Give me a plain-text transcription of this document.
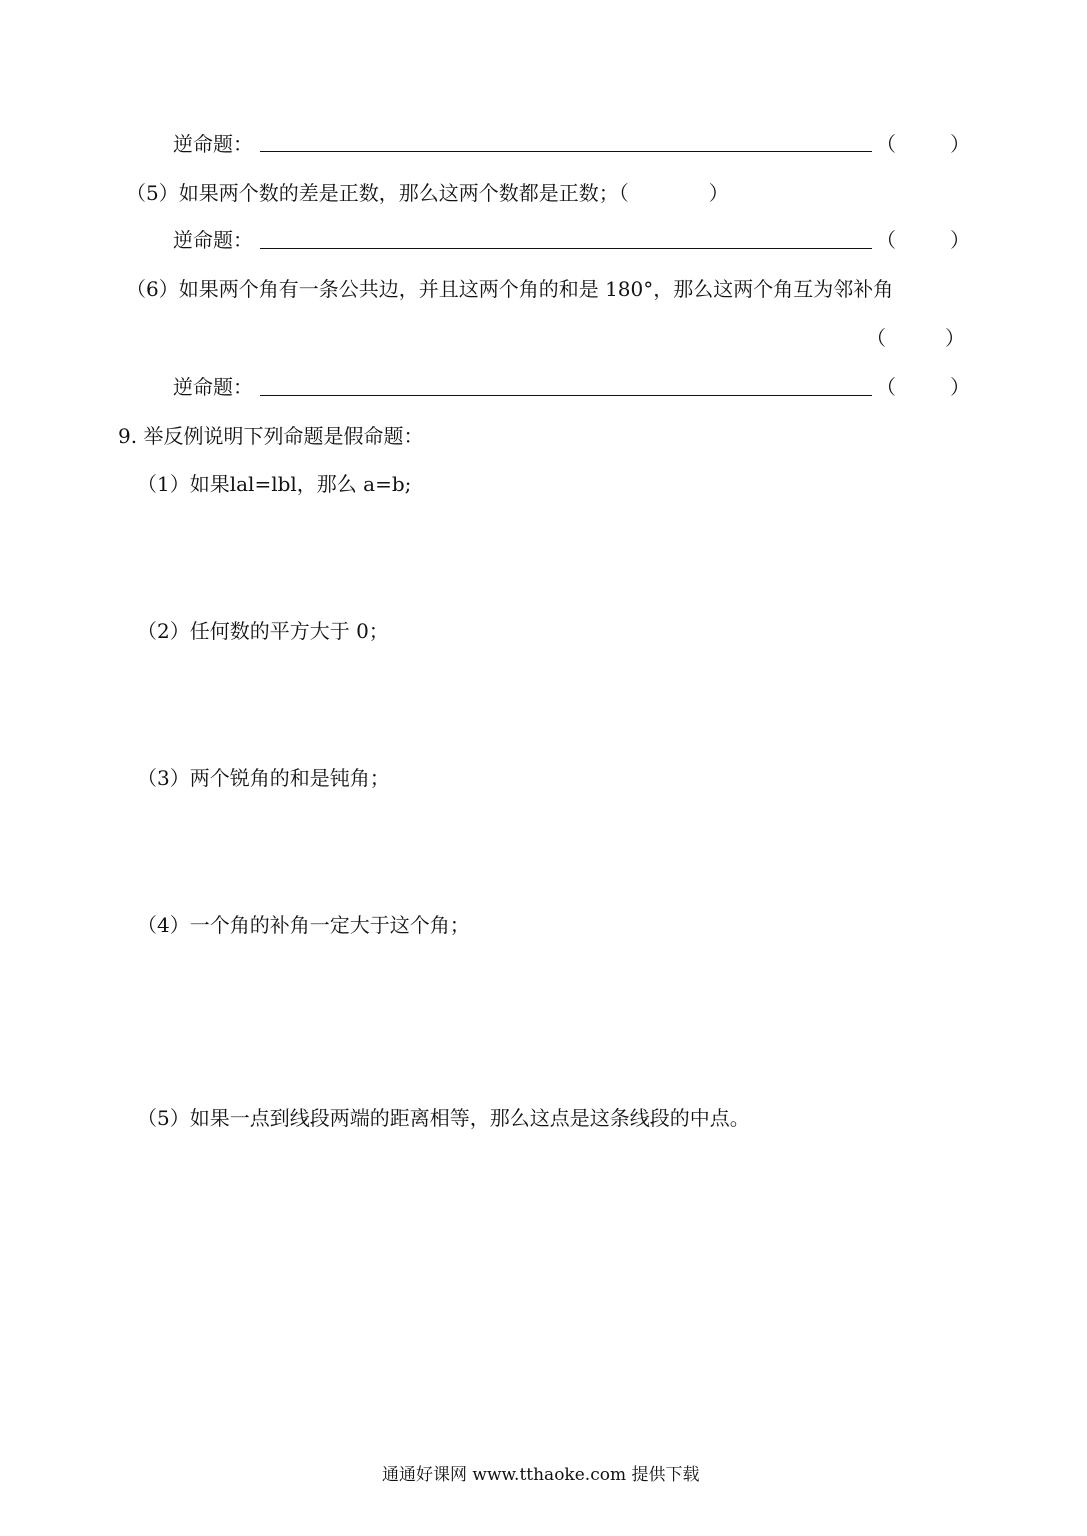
逆命题：	（	）
（5）如果两个数的差是正数，那么这两个数都是正数；（　　　　）
逆命题：	（	）
（6）如果两个角有一条公共边，并且这两个角的和是 180°，那么这两个角互为邻补角
（	）
逆命题：	（	）
9. 举反例说明下列命题是假命题：
（1）如果lal=lbl，那么 a=b;
（2）任何数的平方大于 0；
（3）两个锐角的和是钝角；
（4）一个角的补角一定大于这个角；
（5）如果一点到线段两端的距离相等，那么这点是这条线段的中点。
通通好课网 www.tthaoke.com 提供下载
